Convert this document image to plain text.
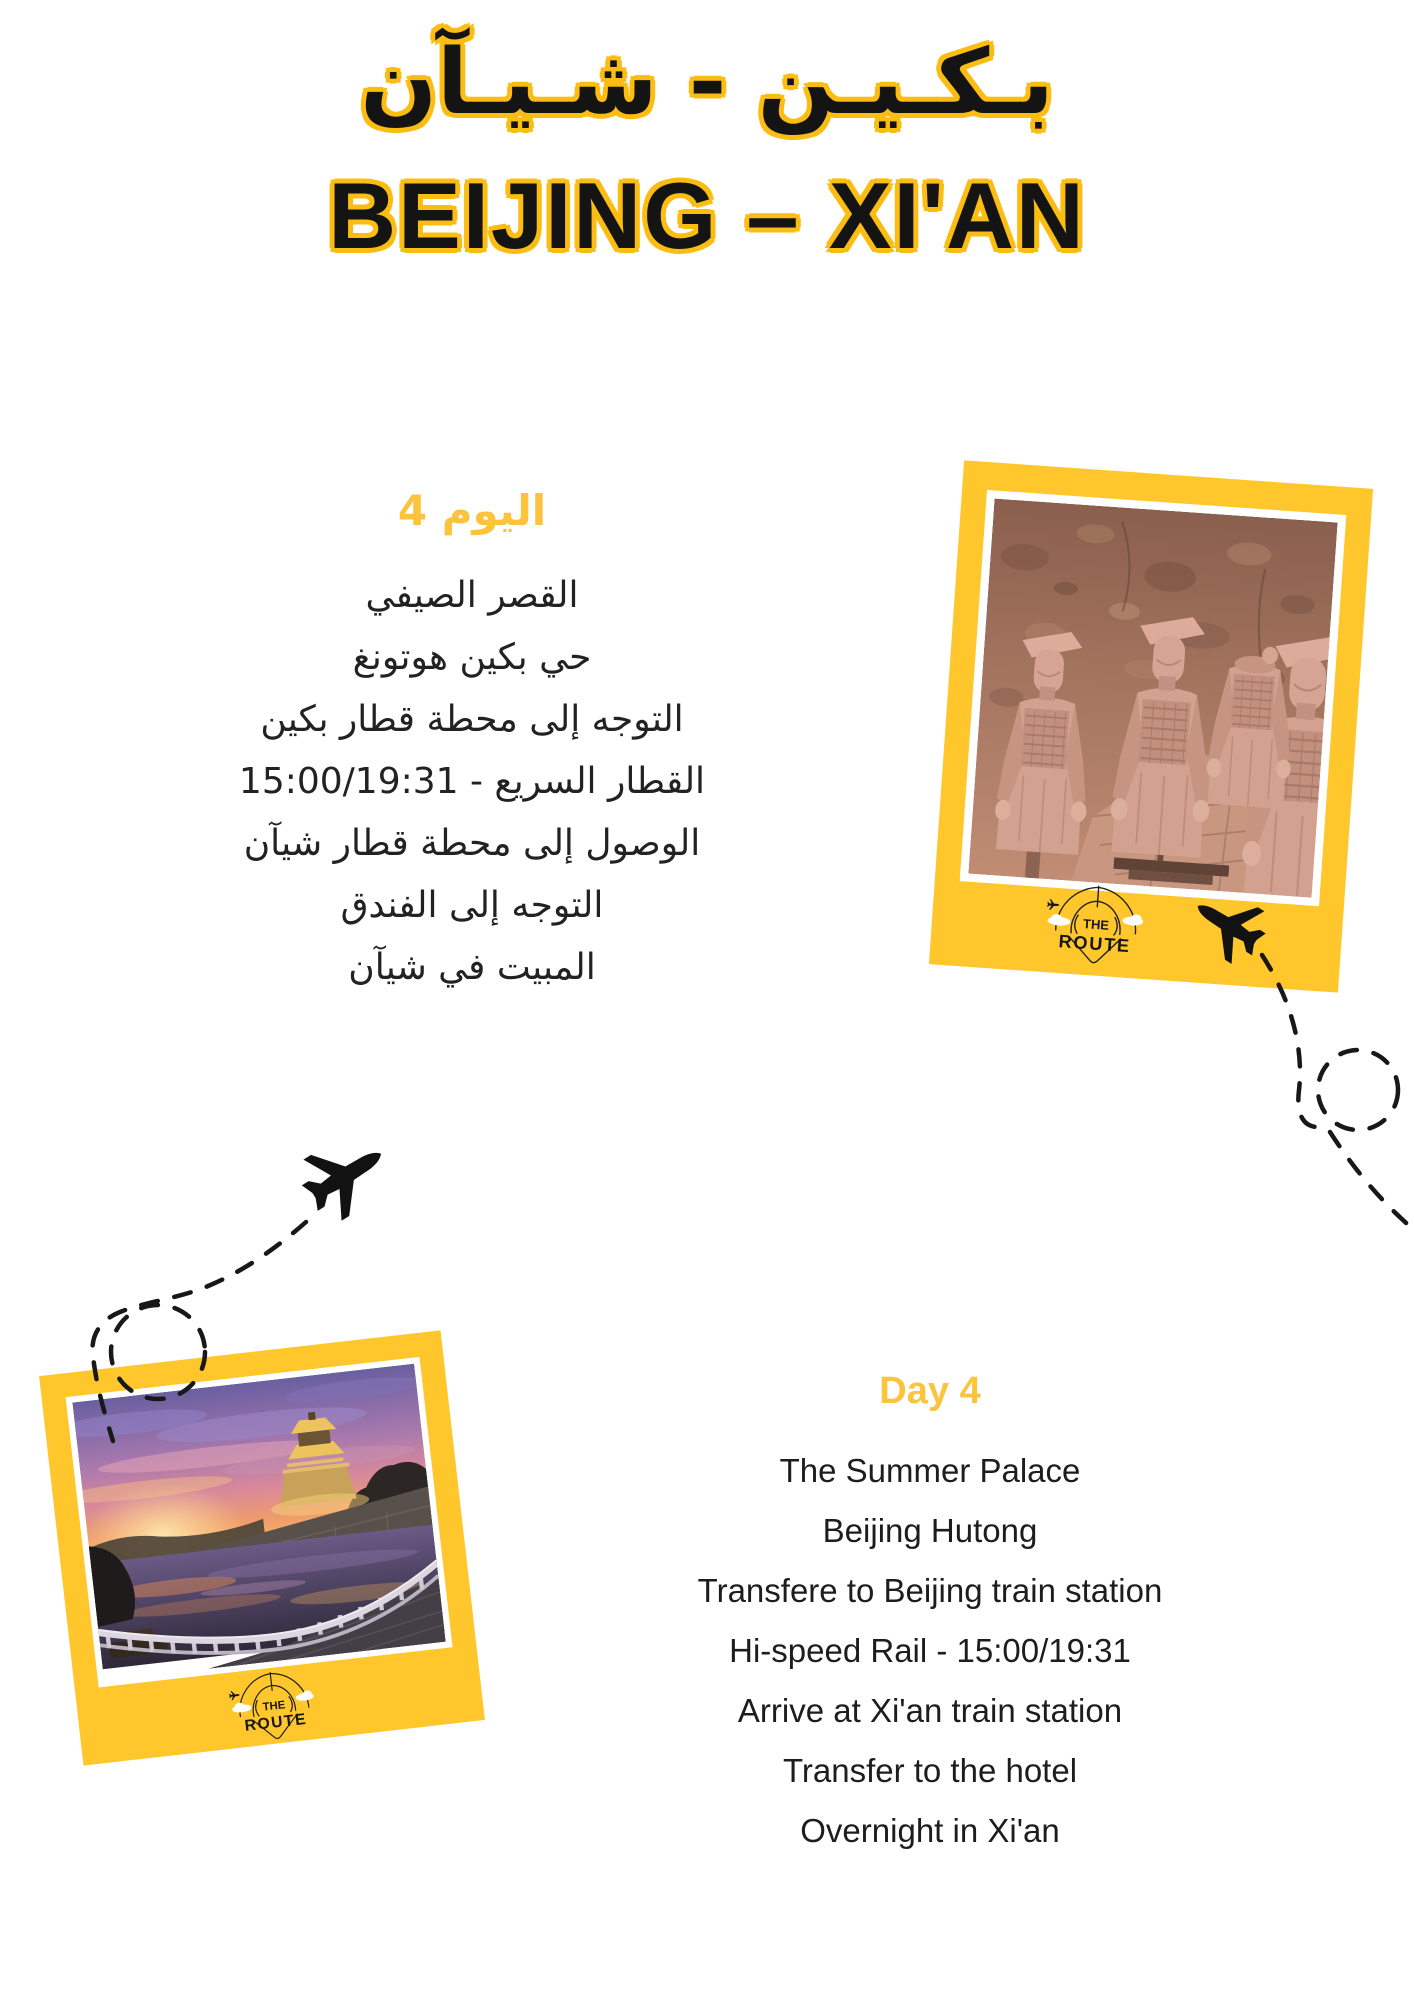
بـكـيـن - شـيـآن
BEIJING – XI'AN
اليوم 4
القصر الصيفي
حي بكين هوتونغ
التوجه إلى محطة قطار بكين
القطار السريع - 15:00/19:31
الوصول إلى محطة قطار شيآن
التوجه إلى الفندق
المبيت في شيآن
Day 4
The Summer Palace
Beijing Hutong
Transfere to Beijing train station
Hi-speed Rail - 15:00/19:31
Arrive at Xi'an train station
Transfer to the hotel
Overnight in Xi'an
THE
ROUTE
THE
ROUTE
